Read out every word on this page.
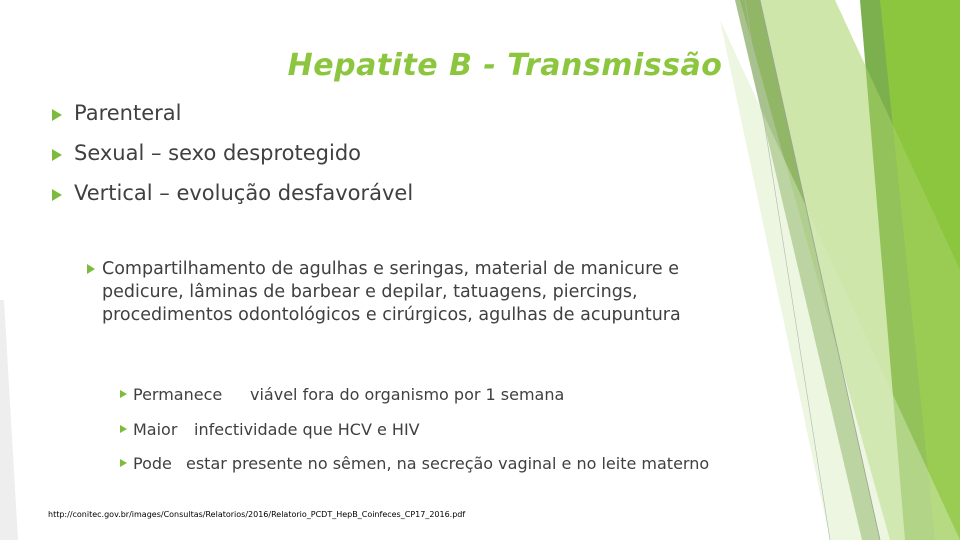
Hepatite B - Transmissão
Parenteral
Sexual – sexo desprotegido
Vertical – evolução desfavorável
Compartilhamento de agulhas e seringas, material de manicure e pedicure, lâminas de barbear e depilar, tatuagens, piercings, procedimentos odontológicos e cirúrgicos, agulhas de acupuntura
Permanece	viável fora do organismo por 1 semana
Maior	infectividade que HCV e HIV
Pode estar presente no sêmen, na secreção vaginal e no leite materno
http://conitec.gov.br/images/Consultas/Relatorios/2016/Relatorio_PCDT_HepB_Coinfeces_CP17_2016.pdf
